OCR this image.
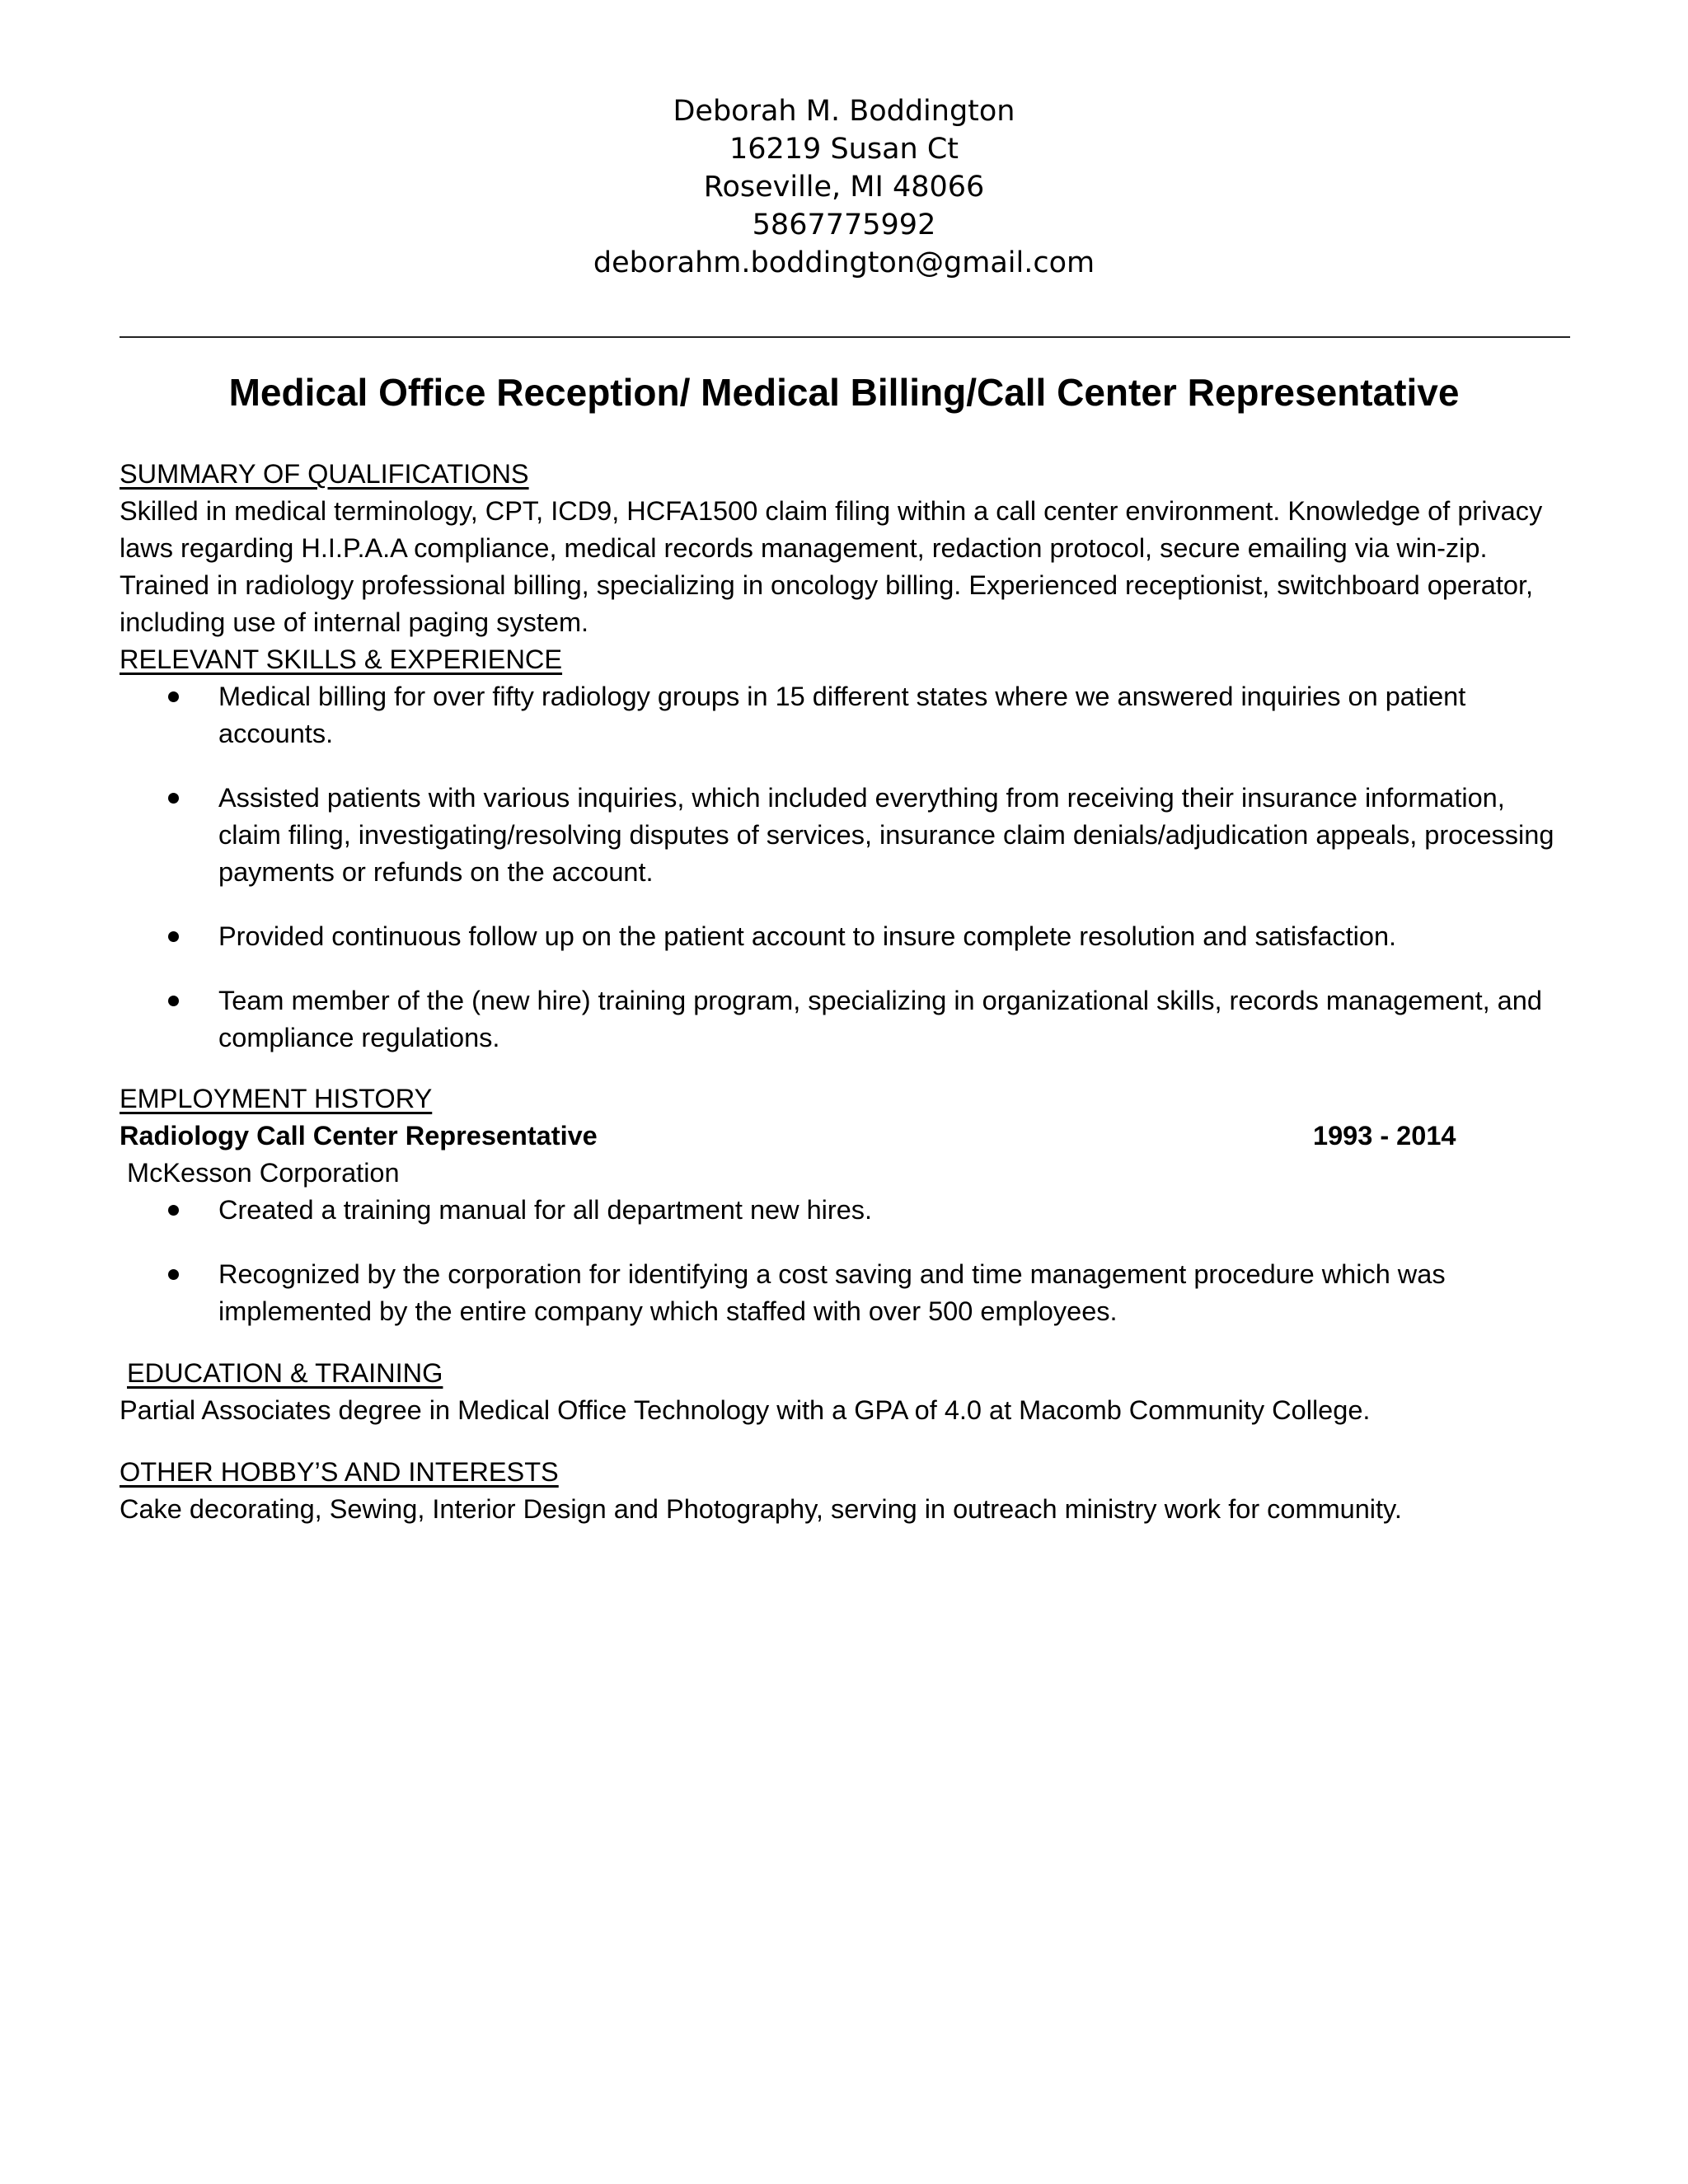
Deborah M. Boddington
16219 Susan Ct
Roseville, MI 48066
5867775992
deborahm.boddington@gmail.com
Medical Office Reception/ Medical Billing/Call Center Representative
SUMMARY OF QUALIFICATIONS

Skilled in medical terminology, CPT, ICD9, HCFA1500 claim filing within a call center environment. Knowledge of privacy laws regarding H.I.P.A.A compliance, medical records management, redaction protocol, secure emailing via win-zip. Trained in radiology professional billing, specializing in oncology billing. Experienced receptionist, switchboard operator, including use of internal paging system.

RELEVANT SKILLS & EXPERIENCE
Medical billing for over fifty radiology groups in 15 different states where we answered inquiries on patient accounts.
Assisted patients with various inquiries, which included everything from receiving their insurance information, claim filing, investigating/resolving disputes of services, insurance claim denials/adjudication appeals, processing payments or refunds on the account.
Provided continuous follow up on the patient account to insure complete resolution and satisfaction.
Team member of the (new hire) training program, specializing in organizational skills, records management, and compliance regulations.
EMPLOYMENT HISTORY
Radiology Call Center Representative	1993 - 2014
McKesson Corporation
Created a training manual for all department new hires.
Recognized by the corporation for identifying a cost saving and time management procedure which was implemented by the entire company which staffed with over 500 employees.
EDUCATION & TRAINING

Partial Associates degree in Medical Office Technology with a GPA of 4.0 at Macomb Community College.

OTHER HOBBY’S AND INTERESTS

Cake decorating, Sewing, Interior Design and Photography, serving in outreach ministry work for community.
